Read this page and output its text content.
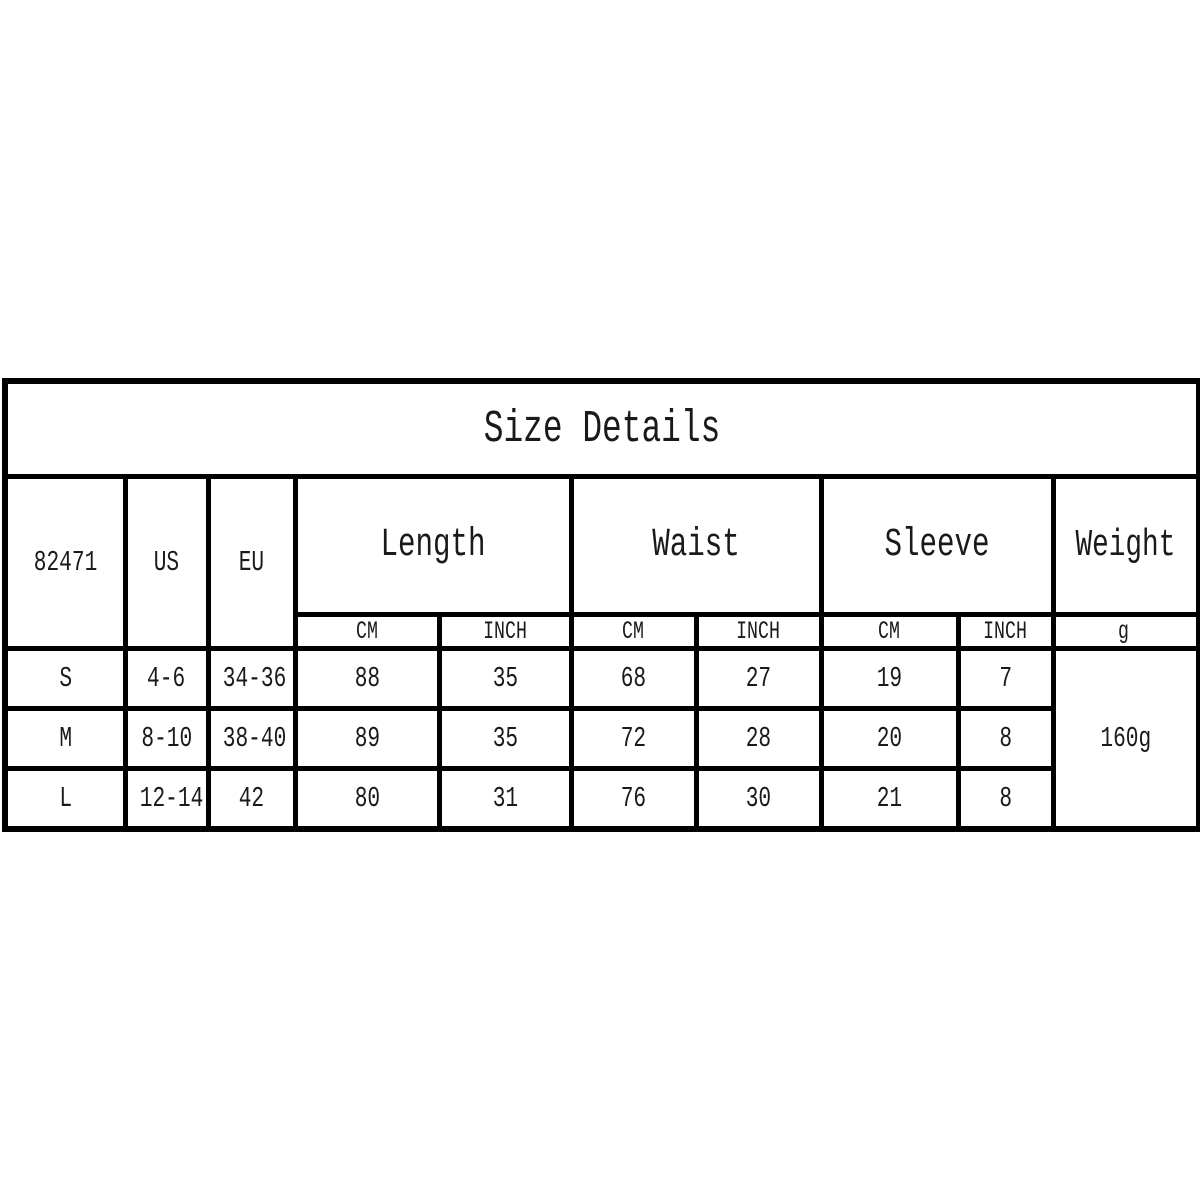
Size Details									
82471	US	EU	Length		Waist		Sleeve		Weight
			CM	INCH	CM	INCH	CM	INCH	g
S	4-6	34-36	88	35	68	27	19	7	160g
M	8-10	38-40	89	35	72	28	20	8	
L	12-14	42	80	31	76	30	21	8	
